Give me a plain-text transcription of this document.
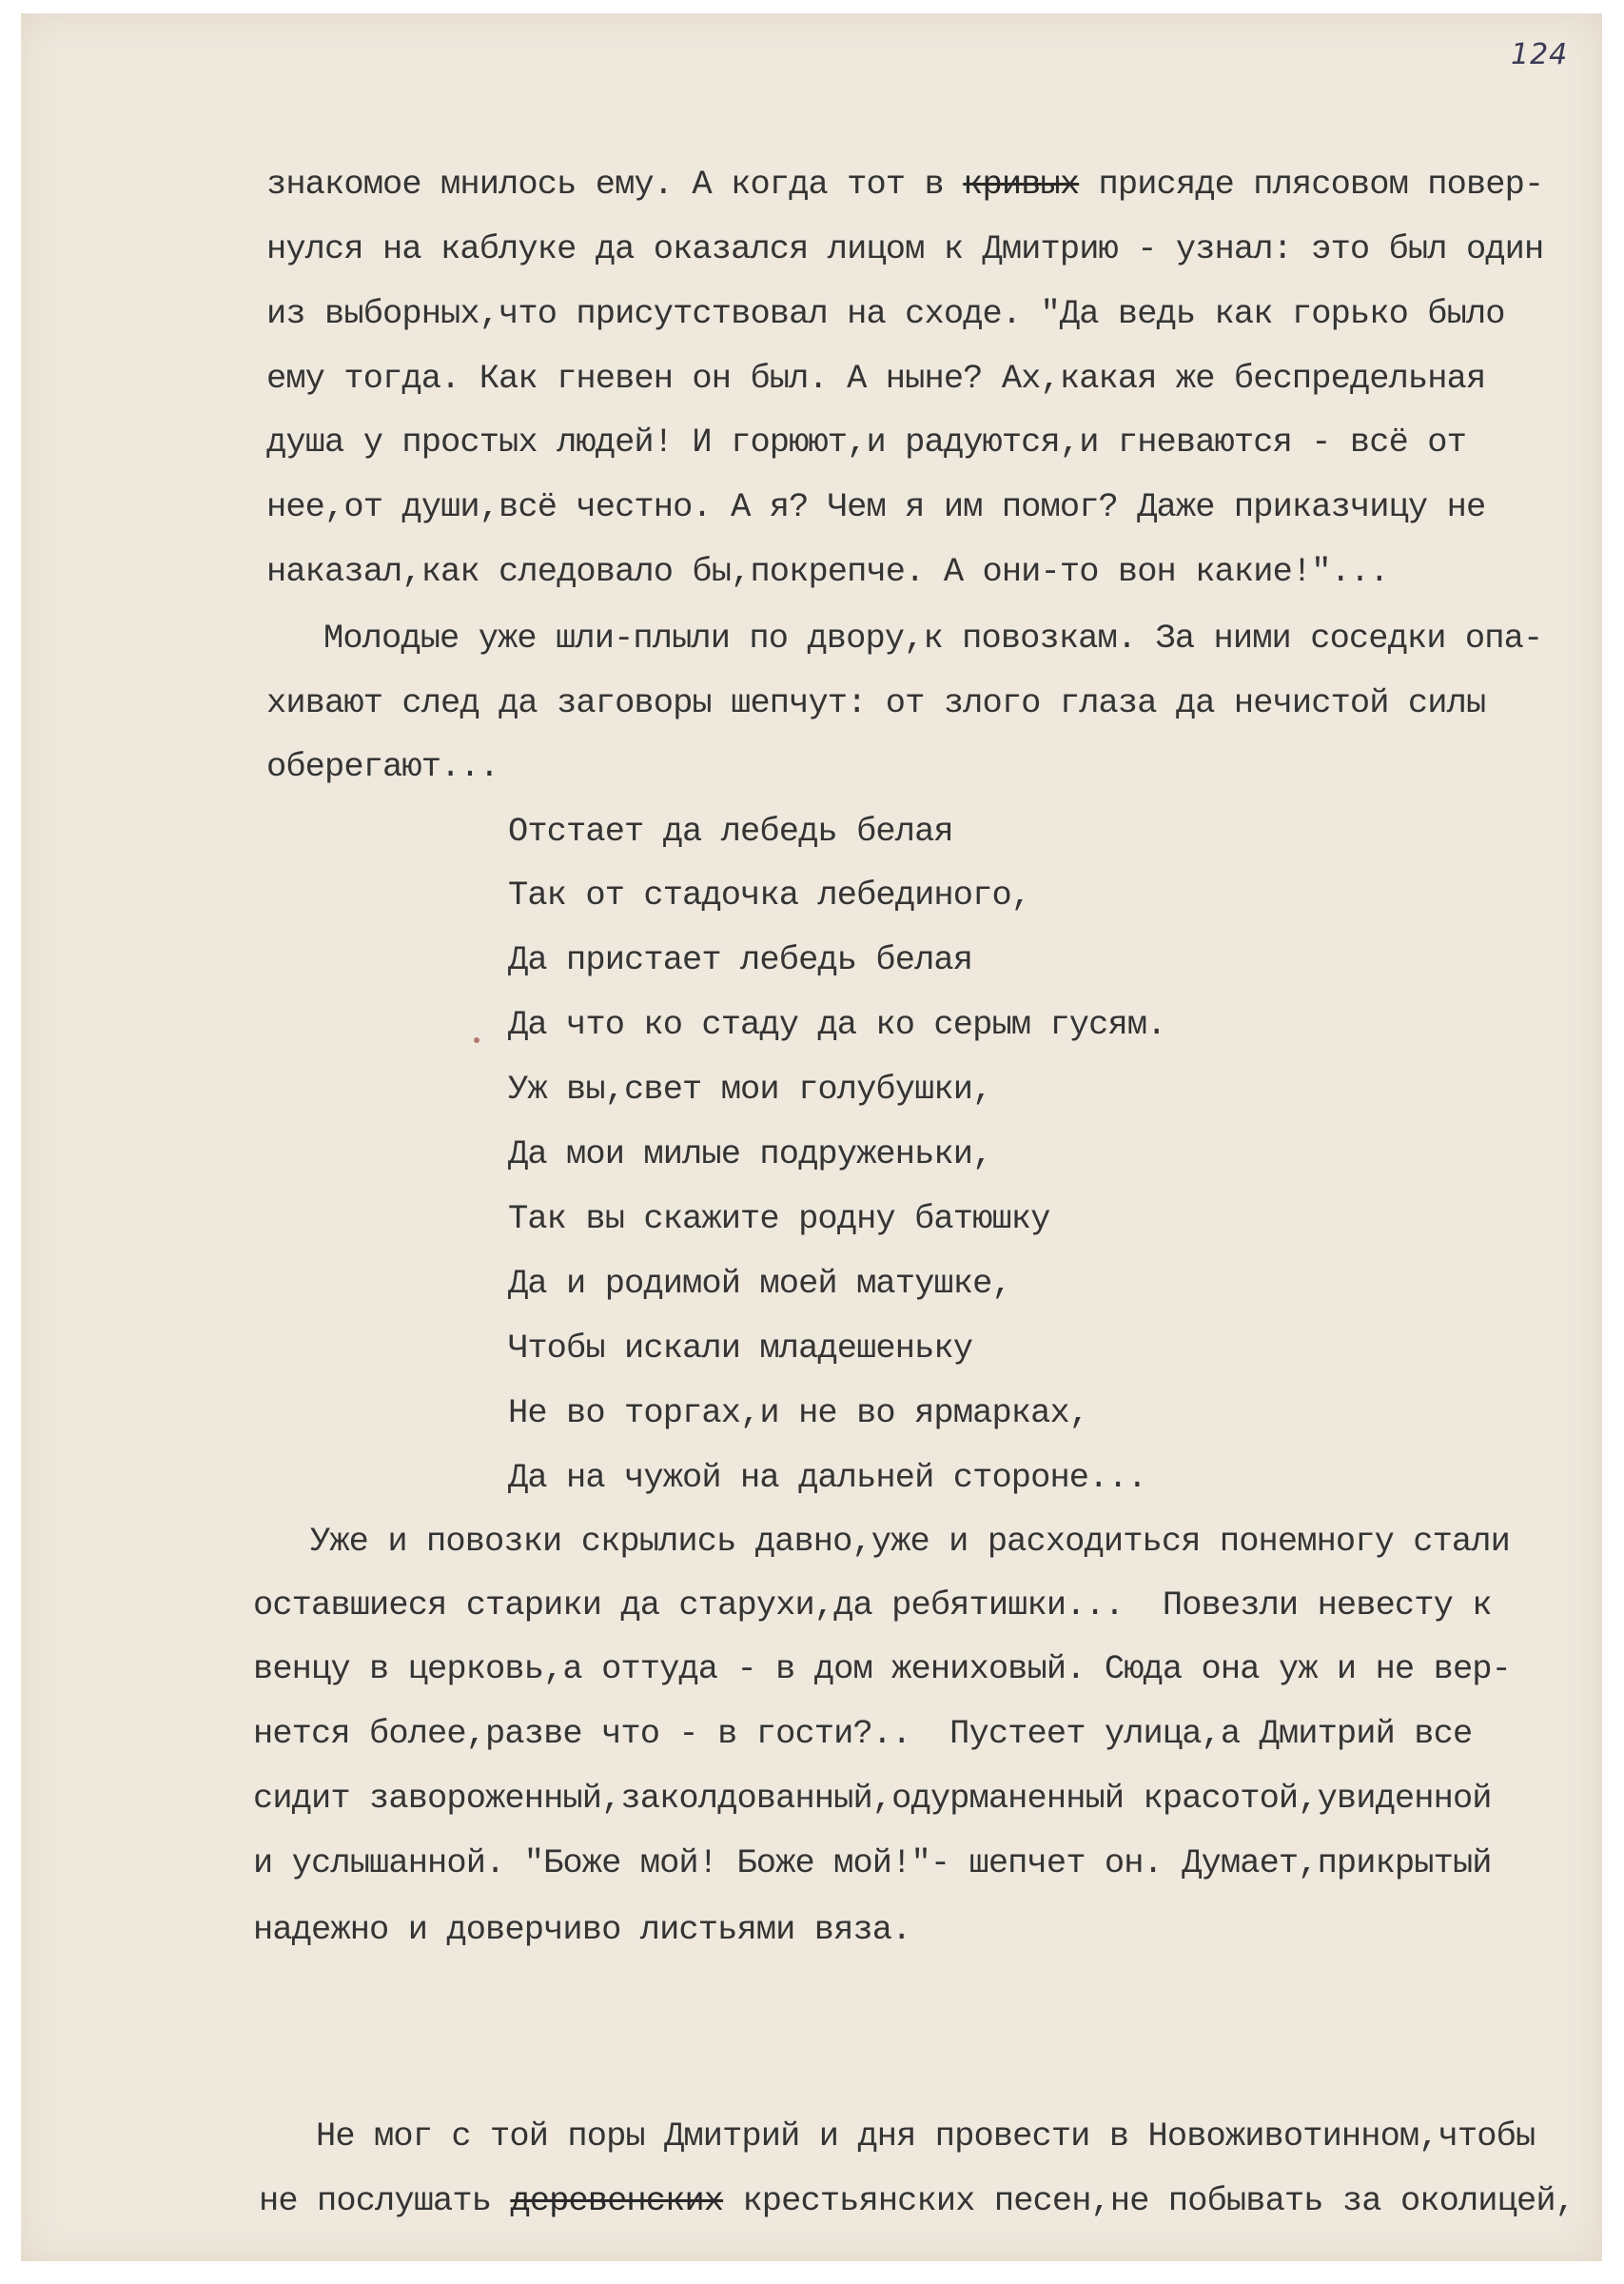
124
знакомое мнилось ему. А когда тот в кривых присяде плясовом повер-
нулся на каблуке да оказался лицом к Дмитрию - узнал: это был один
из выборных,что присутствовал на сходе. "Да ведь как горько было
ему тогда. Как гневен он был. А ныне? Ах,какая же беспредельная
душа у простых людей! И горюют,и радуются,и гневаются - всё от
нее,от души,всё честно. А я? Чем я им помог? Даже приказчицу не
наказал,как следовало бы,покрепче. А они-то вон какие!"...
Молодые уже шли-плыли по двору,к повозкам. За ними соседки опа-
хивают след да заговоры шепчут: от злого глаза да нечистой силы
оберегают...
Отстает да лебедь белая
Так от стадочка лебединого,
Да пристает лебедь белая
Да что ко стаду да ко серым гусям.
Уж вы,свет мои голубушки,
Да мои милые подруженьки,
Так вы скажите родну батюшку
Да и родимой моей матушке,
Чтобы искали младешеньку
Не во торгах,и не во ярмарках,
Да на чужой на дальней стороне...
Уже и повозки скрылись давно,уже и расходиться понемногу стали
оставшиеся старики да старухи,да ребятишки...  Повезли невесту к
венцу в церковь,а оттуда - в дом жениховый. Сюда она уж и не вер-
нется более,разве что - в гости?..  Пустеет улица,а Дмитрий все
сидит завороженный,заколдованный,одурманенный красотой,увиденной
и услышанной. "Боже мой! Боже мой!"- шепчет он. Думает,прикрытый
надежно и доверчиво листьями вяза.
Не мог с той поры Дмитрий и дня провести в Новоживотинном,чтобы
не послушать деревенских крестьянских песен,не побывать за околицей,
